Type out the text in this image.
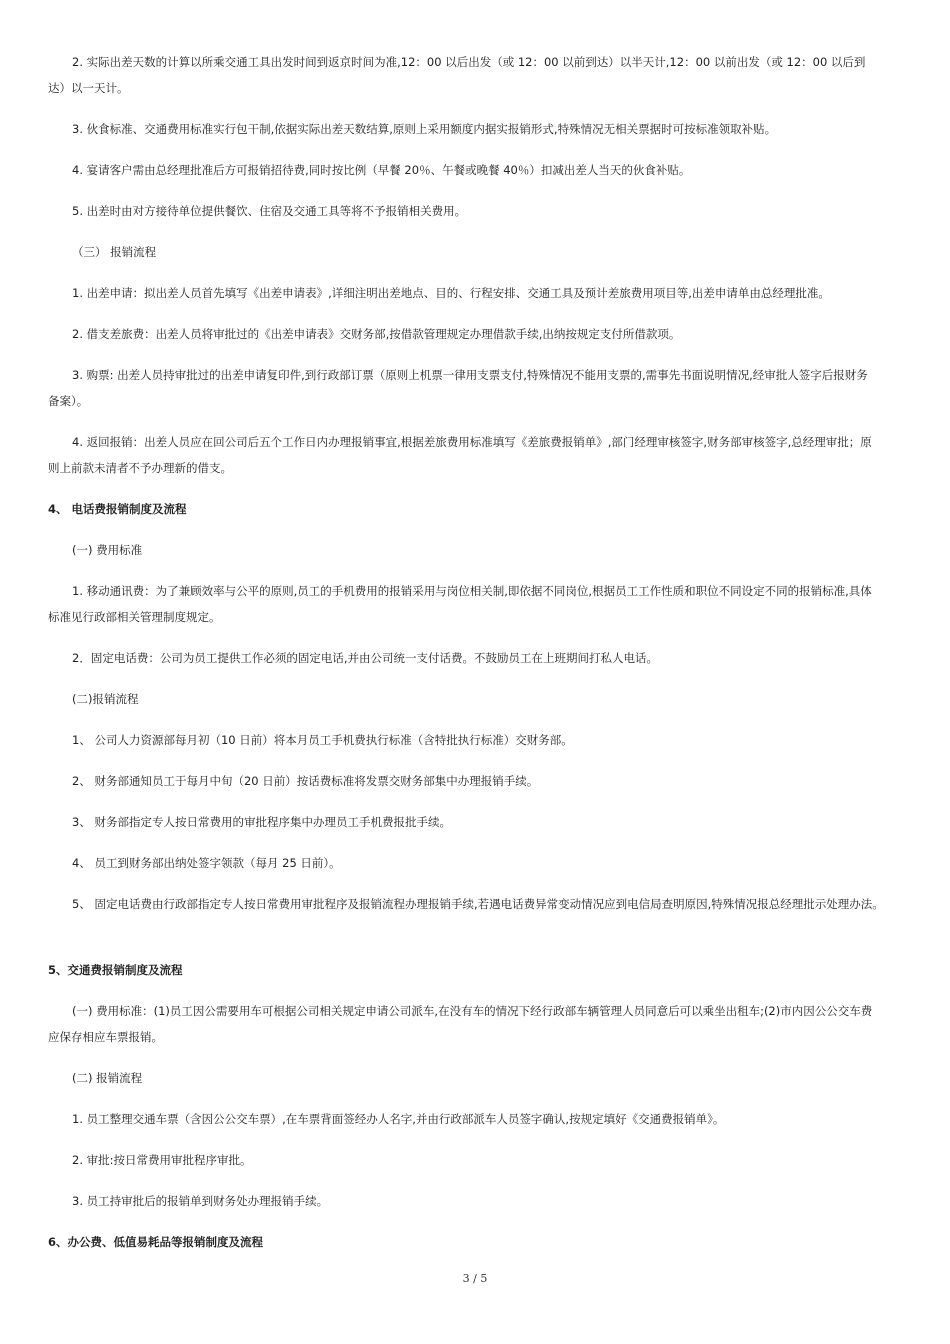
2. 实际出差天数的计算以所乘交通工具出发时间到返京时间为准,12：00 以后出发（或 12：00 以前到达）以半天计,12：00 以前出发（或 12：00 以后到
达）以一天计。
3. 伙食标准、交通费用标准实行包干制,依据实际出差天数结算,原则上采用额度内据实报销形式,特殊情况无相关票据时可按标准领取补贴。
4. 宴请客户需由总经理批准后方可报销招待费,同时按比例（早餐 20％、午餐或晚餐 40％）扣减出差人当天的伙食补贴。
5. 出差时由对方接待单位提供餐饮、住宿及交通工具等将不予报销相关费用。
（三） 报销流程
1. 出差申请：拟出差人员首先填写《出差申请表》,详细注明出差地点、目的、行程安排、交通工具及预计差旅费用项目等,出差申请单由总经理批准。
2. 借支差旅费：出差人员将审批过的《出差申请表》交财务部,按借款管理规定办理借款手续,出纳按规定支付所借款项。
3. 购票: 出差人员持审批过的出差申请复印件,到行政部订票（原则上机票一律用支票支付,特殊情况不能用支票的,需事先书面说明情况,经审批人签字后报财务
备案）。
4. 返回报销：出差人员应在回公司后五个工作日内办理报销事宜,根据差旅费用标准填写《差旅费报销单》,部门经理审核签字,财务部审核签字,总经理审批；原
则上前款未清者不予办理新的借支。
4、 电话费报销制度及流程
(一) 费用标准
1. 移动通讯费：为了兼顾效率与公平的原则,员工的手机费用的报销采用与岗位相关制,即依据不同岗位,根据员工工作性质和职位不同设定不同的报销标准,具体
标准见行政部相关管理制度规定。
2．固定电话费：公司为员工提供工作必须的固定电话,并由公司统一支付话费。不鼓励员工在上班期间打私人电话。
(二)报销流程
1、 公司人力资源部每月初（10 日前）将本月员工手机费执行标准（含特批执行标准）交财务部。
2、 财务部通知员工于每月中旬（20 日前）按话费标准将发票交财务部集中办理报销手续。
3、 财务部指定专人按日常费用的审批程序集中办理员工手机费报批手续。
4、 员工到财务部出纳处签字领款（每月 25 日前）。
5、 固定电话费由行政部指定专人按日常费用审批程序及报销流程办理报销手续,若遇电话费异常变动情况应到电信局查明原因,特殊情况报总经理批示处理办法。
5、交通费报销制度及流程
(一) 费用标准：(1)员工因公需要用车可根据公司相关规定申请公司派车,在没有车的情况下经行政部车辆管理人员同意后可以乘坐出租车;(2)市内因公公交车费
应保存相应车票报销。
(二) 报销流程
1. 员工整理交通车票（含因公公交车票）,在车票背面签经办人名字,并由行政部派车人员签字确认,按规定填好《交通费报销单》。
2. 审批:按日常费用审批程序审批。
3. 员工持审批后的报销单到财务处办理报销手续。
6、办公费、低值易耗品等报销制度及流程
3 / 5
